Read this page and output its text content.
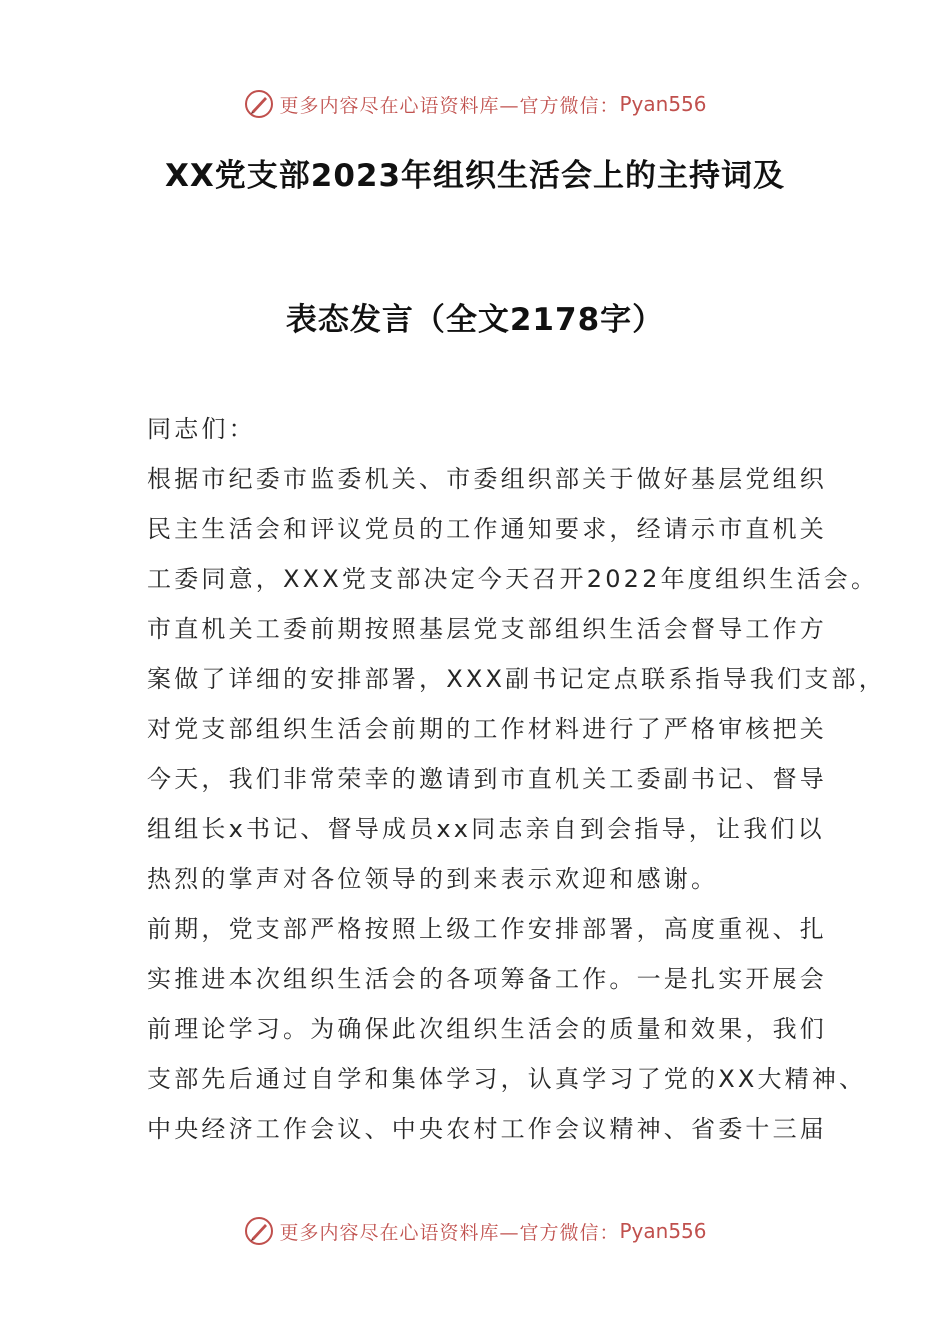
更多内容尽在心语资料库—官方微信： Pyan556
XX党支部2023年组织生活会上的主持词及
表态发言（全文2178字）
同志们：
根据市纪委市监委机关、市委组织部关于做好基层党组织
民主生活会和评议党员的工作通知要求，经请示市直机关
工委同意，XXX党支部决定今天召开2022年度组织生活会。
市直机关工委前期按照基层党支部组织生活会督导工作方
案做了详细的安排部署，XXX副书记定点联系指导我们支部，
对党支部组织生活会前期的工作材料进行了严格审核把关
今天，我们非常荣幸的邀请到市直机关工委副书记、督导
组组长x书记、督导成员xx同志亲自到会指导，让我们以
热烈的掌声对各位领导的到来表示欢迎和感谢。
前期，党支部严格按照上级工作安排部署，高度重视、扎
实推进本次组织生活会的各项筹备工作。一是扎实开展会
前理论学习。为确保此次组织生活会的质量和效果，我们
支部先后通过自学和集体学习，认真学习了党的XX大精神、
中央经济工作会议、中央农村工作会议精神、省委十三届
更多内容尽在心语资料库—官方微信： Pyan556
